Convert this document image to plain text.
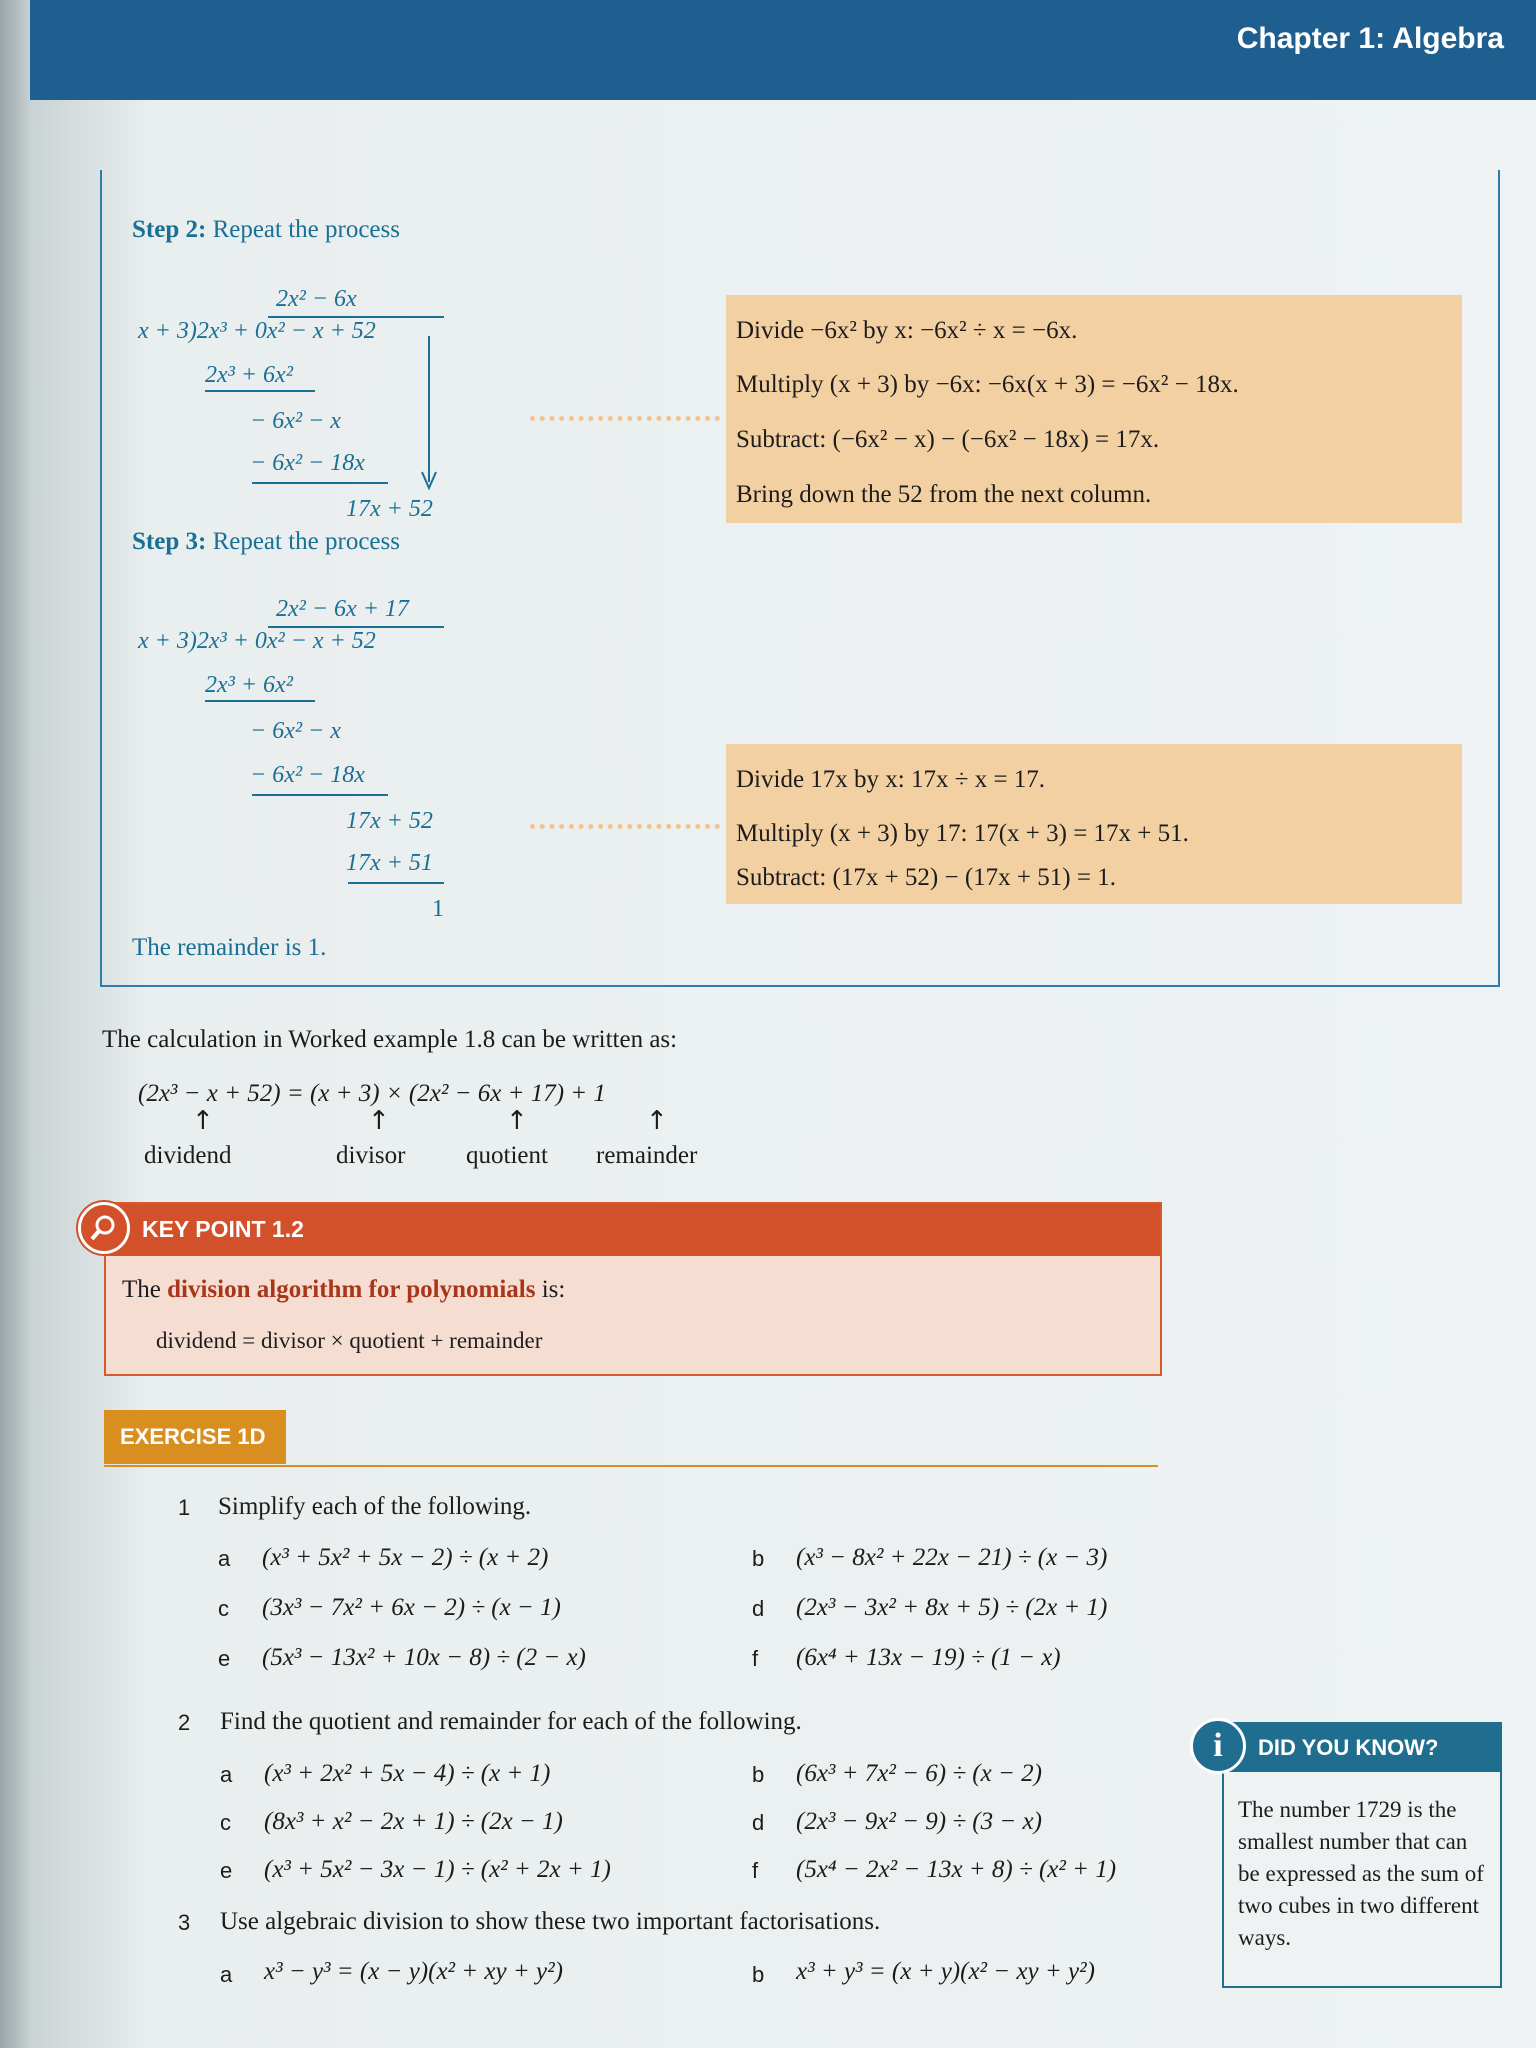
Chapter 1: Algebra
Step 2: Repeat the process
2x² − 6x
x + 3)2x³ + 0x² − x + 52
2x³ + 6x²
− 6x² − x
− 6x² − 18x
17x + 52
Divide −6x² by x: −6x² ÷ x = −6x.
Multiply (x + 3) by −6x: −6x(x + 3) = −6x² − 18x.
Subtract: (−6x² − x) − (−6x² − 18x) = 17x.
Bring down the 52 from the next column.
Step 3: Repeat the process
2x² − 6x + 17
x + 3)2x³ + 0x² − x + 52
2x³ + 6x²
− 6x² − x
− 6x² − 18x
17x + 52
17x + 51
1
Divide 17x by x: 17x ÷ x = 17.
Multiply (x + 3) by 17: 17(x + 3) = 17x + 51.
Subtract: (17x + 52) − (17x + 51) = 1.
The remainder is 1.
The calculation in Worked example 1.8 can be written as:
(2x³ − x + 52) = (x + 3) × (2x² − 6x + 17) + 1
↑	↑	↑	↑
dividend	divisor quotient remainder
KEY POINT 1.2
The division algorithm for polynomials is:
dividend = divisor × quotient + remainder
EXERCISE 1D
1 Simplify each of the following.
a (x³ + 5x² + 5x − 2) ÷ (x + 2)	b (x³ − 8x² + 22x − 21) ÷ (x − 3)
c (3x³ − 7x² + 6x − 2) ÷ (x − 1)	d (2x³ − 3x² + 8x + 5) ÷ (2x + 1)
e (5x³ − 13x² + 10x − 8) ÷ (2 − x)	f (6x⁴ + 13x − 19) ÷ (1 − x)
2 Find the quotient and remainder for each of the following.
a (x³ + 2x² + 5x − 4) ÷ (x + 1)	b (6x³ + 7x² − 6) ÷ (x − 2)
c (8x³ + x² − 2x + 1) ÷ (2x − 1)	d (2x³ − 9x² − 9) ÷ (3 − x)
e (x³ + 5x² − 3x − 1) ÷ (x² + 2x + 1)	f (5x⁴ − 2x² − 13x + 8) ÷ (x² + 1)
3 Use algebraic division to show these two important factorisations.
a x³ − y³ = (x − y)(x² + xy + y²)	b x³ + y³ = (x + y)(x² − xy + y²)
DID YOU KNOW?
The number 1729 is the smallest number that can be expressed as the sum of two cubes in two different ways.
i
